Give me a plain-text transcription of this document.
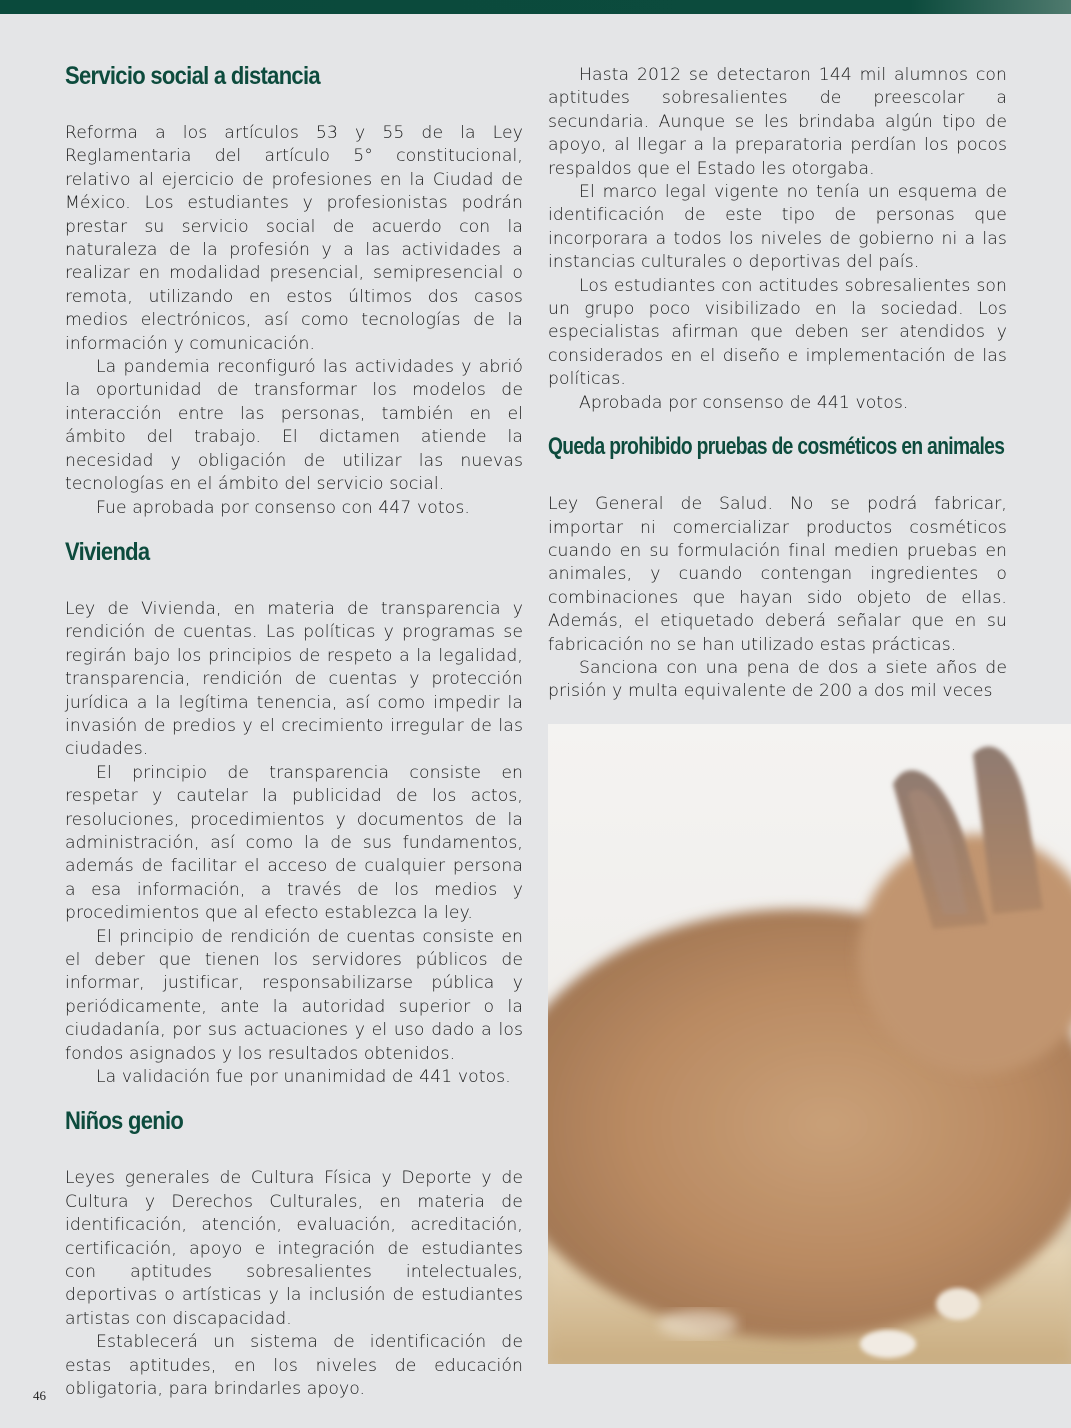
Servicio social a distancia

Reforma a los artículos 53 y 55 de la Ley Reglamentaria del artículo 5° constitucional, relativo al ejercicio de profesiones en la Ciudad de México. Los estudiantes y profesionistas podrán prestar su servicio social de acuerdo con la naturaleza de la profesión y a las actividades a realizar en modalidad presencial, semipresencial o remota, utilizando en estos últimos dos casos medios electrónicos, así como tecnologías de la información y comunicación.

La pandemia reconfiguró las actividades y abrió la oportunidad de transformar los modelos de interacción entre las personas, también en el ámbito del trabajo. El dictamen atiende la necesidad y obligación de utilizar las nuevas tecnologías en el ámbito del servicio social.

Fue aprobada por consenso con 447 votos.

Vivienda

Ley de Vivienda, en materia de transparencia y rendición de cuentas. Las políticas y programas se regirán bajo los principios de respeto a la legalidad, transparencia, rendición de cuentas y protección jurídica a la legítima tenencia, así como impedir la invasión de predios y el crecimiento irregular de las ciudades.

El principio de transparencia consiste en respetar y cautelar la publicidad de los actos, resoluciones, procedimientos y documentos de la administración, así como la de sus fundamentos, además de facilitar el acceso de cualquier persona a esa información, a través de los medios y procedimientos que al efecto establezca la ley.

El principio de rendición de cuentas consiste en el deber que tienen los servidores públicos de informar, justificar, responsabilizarse pública y periódicamente, ante la autoridad superior o la ciudadanía, por sus actuaciones y el uso dado a los fondos asignados y los resultados obtenidos.

La validación fue por unanimidad de 441 votos.

Niños genio

Leyes generales de Cultura Física y Deporte y de Cultura y Derechos Culturales, en materia de identificación, atención, evaluación, acreditación, certificación, apoyo e integración de estudiantes con aptitudes sobresalientes intelectuales, deportivas o artísticas y la inclusión de estudiantes artistas con discapacidad.

Establecerá un sistema de identificación de estas aptitudes, en los niveles de educación obligatoria, para brindarles apoyo.

Hasta 2012 se detectaron 144 mil alumnos con aptitudes sobresalientes de preescolar a secundaria. Aunque se les brindaba algún tipo de apoyo, al llegar a la preparatoria perdían los pocos respaldos que el Estado les otorgaba.

El marco legal vigente no tenía un esquema de identificación de este tipo de personas que incorporara a todos los niveles de gobierno ni a las instancias culturales o deportivas del país.

Los estudiantes con actitudes sobresalientes son un grupo poco visibilizado en la sociedad. Los especialistas afirman que deben ser atendidos y considerados en el diseño e implementación de las políticas.

Aprobada por consenso de 441 votos.

Queda prohibido pruebas de cosméticos en animales

Ley General de Salud. No se podrá fabricar, importar ni comercializar productos cosméticos cuando en su formulación final medien pruebas en animales, y cuando contengan ingredientes o combinaciones que hayan sido objeto de ellas. Además, el etiquetado deberá señalar que en su fabricación no se han utilizado estas prácticas.

Sanciona con una pena de dos a siete años de prisión y multa equivalente de 200 a dos mil veces

46
